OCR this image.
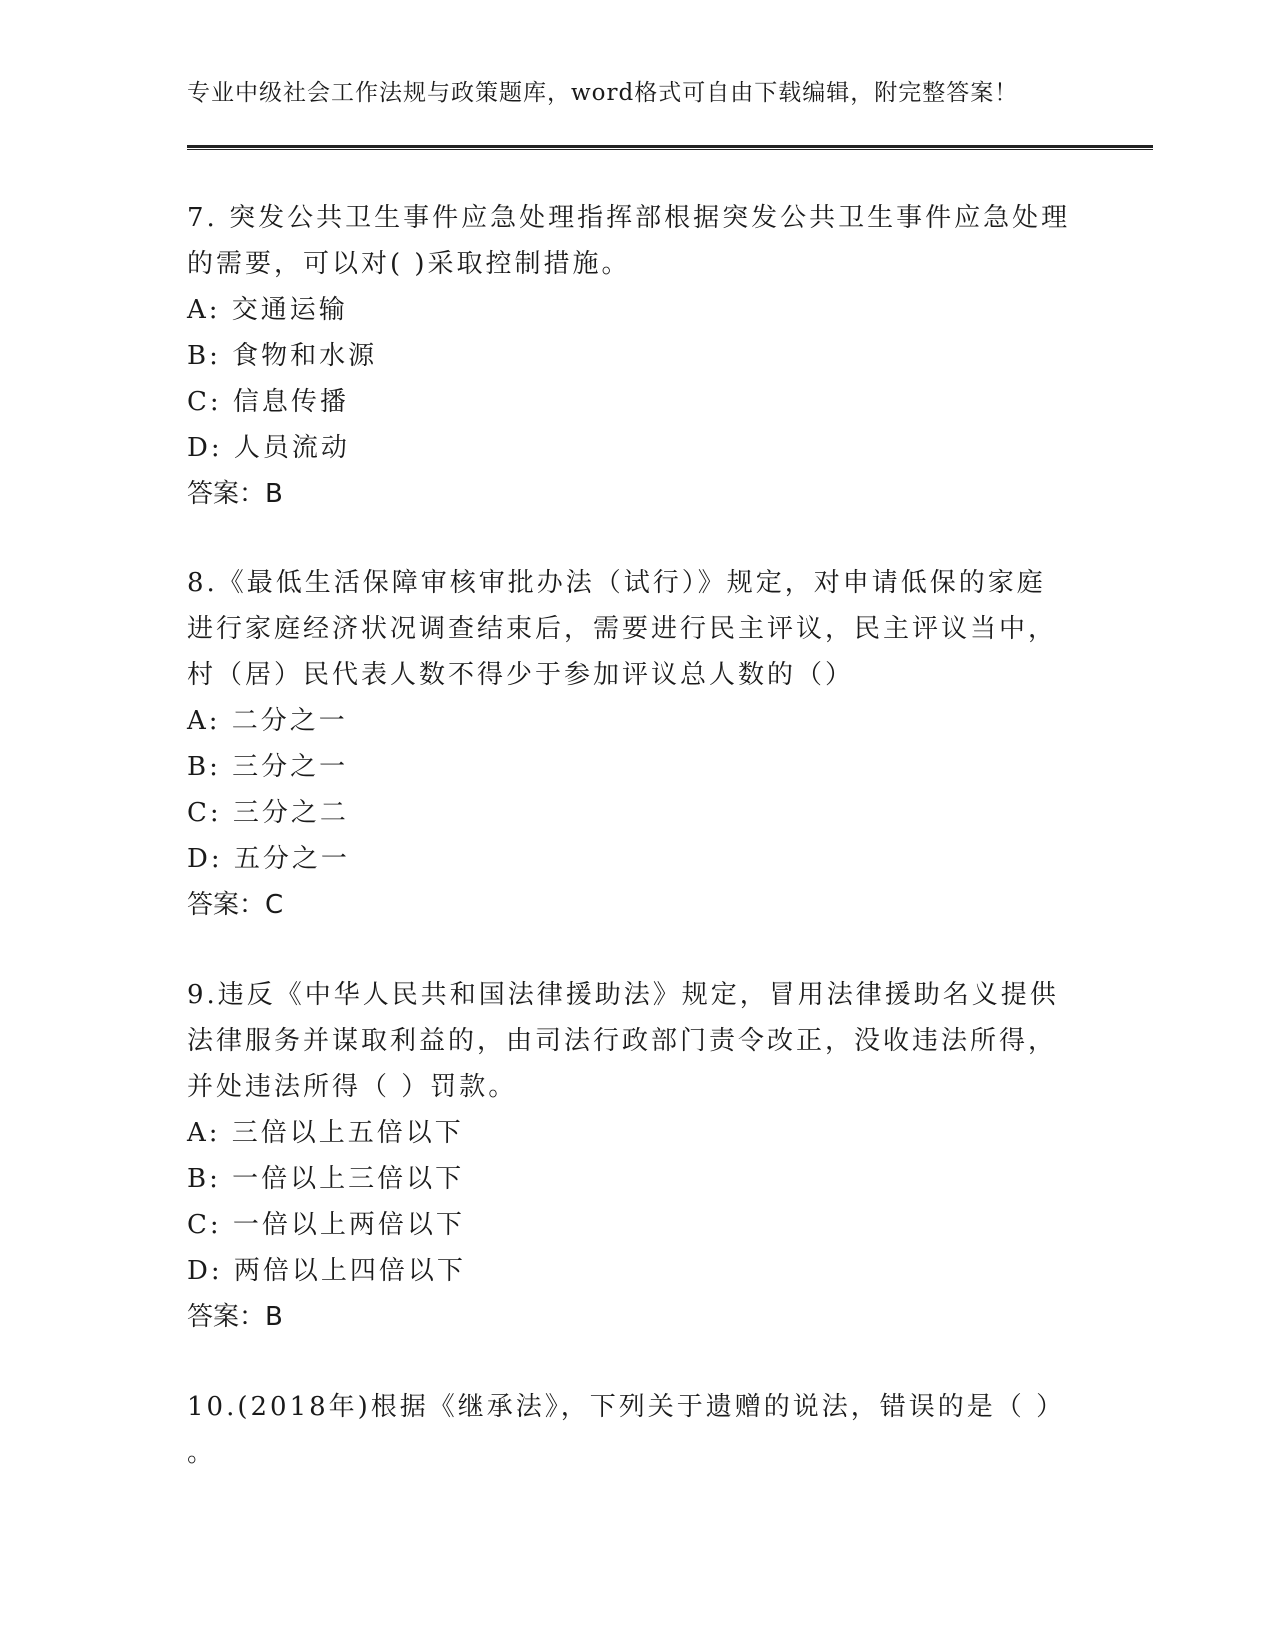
专业中级社会工作法规与政策题库，word格式可自由下载编辑，附完整答案！

7. 突发公共卫生事件应急处理指挥部根据突发公共卫生事件应急处理

的需要，可以对( )采取控制措施。

A: 交通运输

B: 食物和水源

C: 信息传播

D: 人员流动

答案：B

8.《最低生活保障审核审批办法（试行）》规定，对申请低保的家庭

进行家庭经济状况调查结束后，需要进行民主评议，民主评议当中，

村（居）民代表人数不得少于参加评议总人数的（）

A: 二分之一

B: 三分之一

C: 三分之二

D: 五分之一

答案：C

9.违反《中华人民共和国法律援助法》规定，冒用法律援助名义提供

法律服务并谋取利益的，由司法行政部门责令改正，没收违法所得，

并处违法所得（ ）罚款。

A: 三倍以上五倍以下

B: 一倍以上三倍以下

C: 一倍以上两倍以下

D: 两倍以上四倍以下

答案：B

10.(2018年)根据《继承法》，下列关于遗赠的说法，错误的是（ ）

。
